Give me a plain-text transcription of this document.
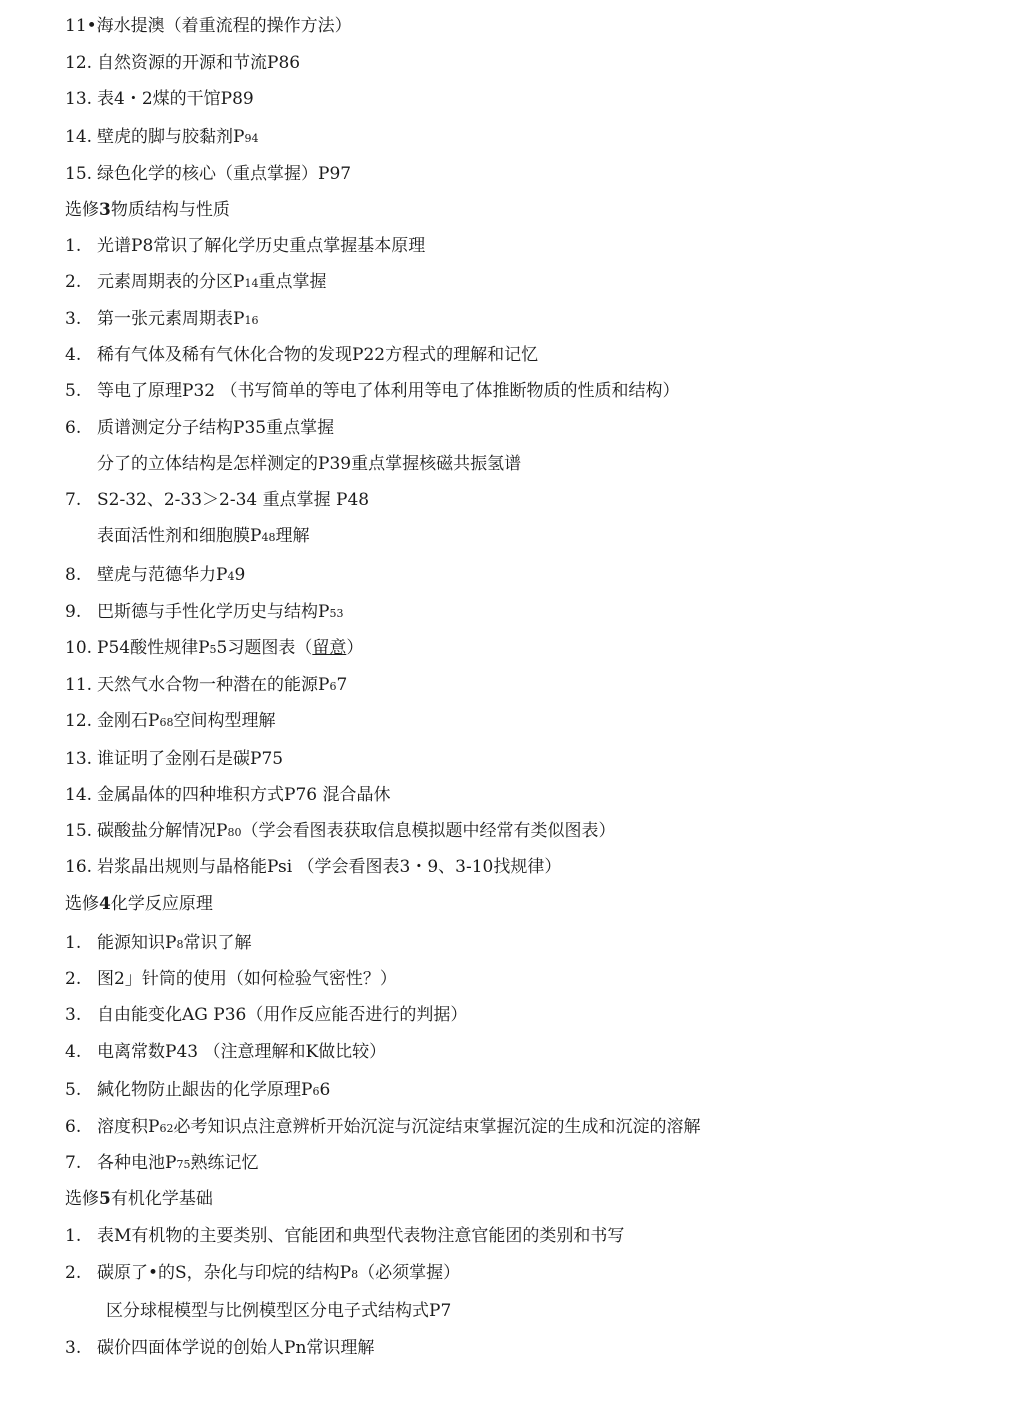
11•海水提澳（着重流程的操作方法）
12. 自然资源的开源和节流P86
13. 表4・2煤的干馆P89
14. 壁虎的脚与胶黏剂P 94
15. 绿色化学的核心（重点掌握）P97
选修 3 物质结构与性质
1. 光谱P8常识了解化学历史重点掌握基本原理
2. 元素周期表的分区P 14 重点掌握
3. 第一张元素周期表P 16
4. 稀有气体及稀有气休化合物的发现P22方程式的理解和记忆
5. 等电了原理P32 （书写简单的等电了体利用等电了体推断物质的性质和结构）
6. 质谱测定分子结构P35重点掌握
分了的立体结构是怎样测定的P39重点掌握核磁共振氢谱
7. S2-32、2-33＞2-34 重点掌握 P48
表面活性剂和细胞膜P 48 理解
8. 壁虎与范德华力P 4 9
9. 巴斯德与手性化学历史与结构P 53
10. P54酸性规律P 5 5习题图表（ 留意 ）
11. 天然气水合物一种潜在的能源P 6 7
12. 金刚石P 68 空间构型理解
13. 谁证明了金刚石是碳P75
14. 金属晶体的四种堆积方式P76 混合晶休
15. 碳酸盐分解情况P 80 （学会看图表获取信息模拟题中经常有类似图表）
16. 岩浆晶出规则与晶格能Psi （学会看图表3・9、3-10找规律）
选修 4 化学反应原理
1. 能源知识P 8 常识了解
2. 图2」针筒的使用（如何检验气密性？）
3. 自由能变化AG P36（用作反应能否进行的判据）
4. 电离常数P43 （注意理解和K做比较）
5. 緘化物防止龈齿的化学原理P 6 6
6. 溶度积P 62 必考知识点注意辨析开始沉淀与沉淀结束掌握沉淀的生成和沉淀的溶解
7. 各种电池P 75 熟练记忆
选修 5 有机化学基础
1. 表M有机物的主要类别、官能团和典型代表物注意官能团的类别和书写
2. 碳原了•的S，杂化与印烷的结构P 8 （必须掌握）
区分球棍模型与比例模型区分电子式结构式P7
3. 碳价四面体学说的创始人Pn常识理解
